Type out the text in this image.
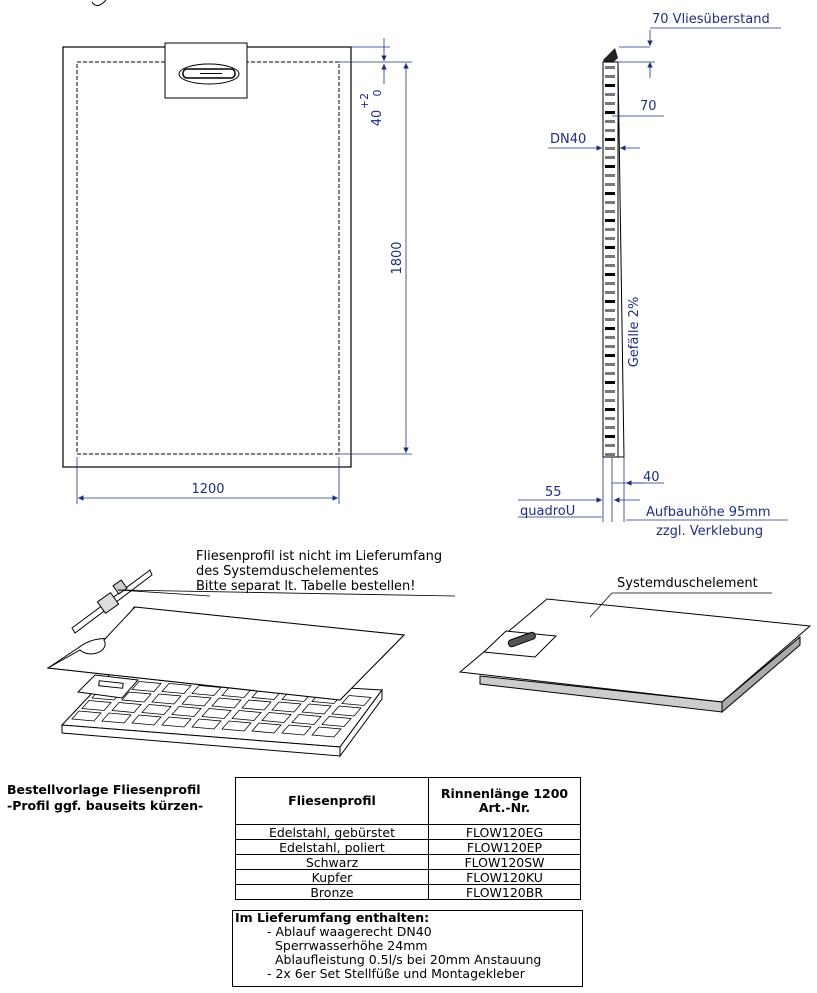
1200
1800
40
+2 0
70 Vliesüberstand
70
DN40
Gefälle 2%
40
55
quadroU	Aufbauhöhe 95mm
zzgl. Verklebung
Fliesenprofil ist nicht im Lieferumfang
des Systemduschelementes
Bitte separat lt. Tabelle bestellen!	Systemduschelement
Bestellvorlage Fliesenprofil
-Profil ggf. bauseits kürzen-	Fliesenprofil	Rinnenlänge 1200
Art.-Nr.
Edelstahl, gebürstet	FLOW120EG
Edelstahl, poliert	FLOW120EP
Schwarz	FLOW120SW
Kupfer	FLOW120KU
Bronze	FLOW120BR
Im Lieferumfang enthalten:
- Ablauf waagerecht DN40
Sperrwasserhöhe 24mm
Ablaufleistung 0.5l/s bei 20mm Anstauung
- 2x 6er Set Stellfüße und Montagekleber
